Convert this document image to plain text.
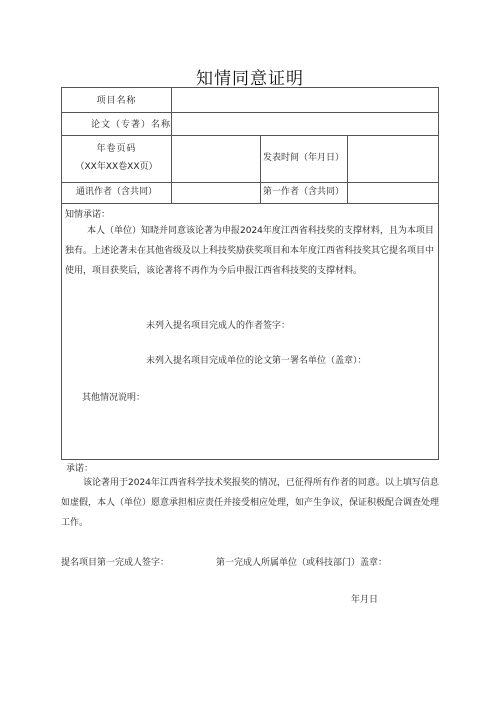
知情同意证明
项目名称
论文（专著）名称
年卷页码
（XX年XX卷XX页）
发表时间（年月日）
通讯作者（含共同）	第一作者（含共同）
知情承诺：
本人（单位）知晓并同意该论著为申报2024年度江西省科技奖的支撑材料，且为本项目独有。上述论著未在其他省级及以上科技奖励获奖项目和本年度江西省科技奖其它提名项目中使用，项目获奖后，该论著将不再作为今后申报江西省科技奖的支撑材料。
未列入提名项目完成人的作者签字：
未列入提名项目完成单位的论文第一署名单位（盖章）：
其他情况说明：
承诺：
该论著用于2024年江西省科学技术奖报奖的情况，已征得所有作者的同意。以上填写信息如虚假，本人（单位）愿意承担相应责任并接受相应处理，如产生争议，保证积极配合调查处理工作。
提名项目第一完成人签字：	第一完成人所属单位（或科技部门）盖章：
年月日
